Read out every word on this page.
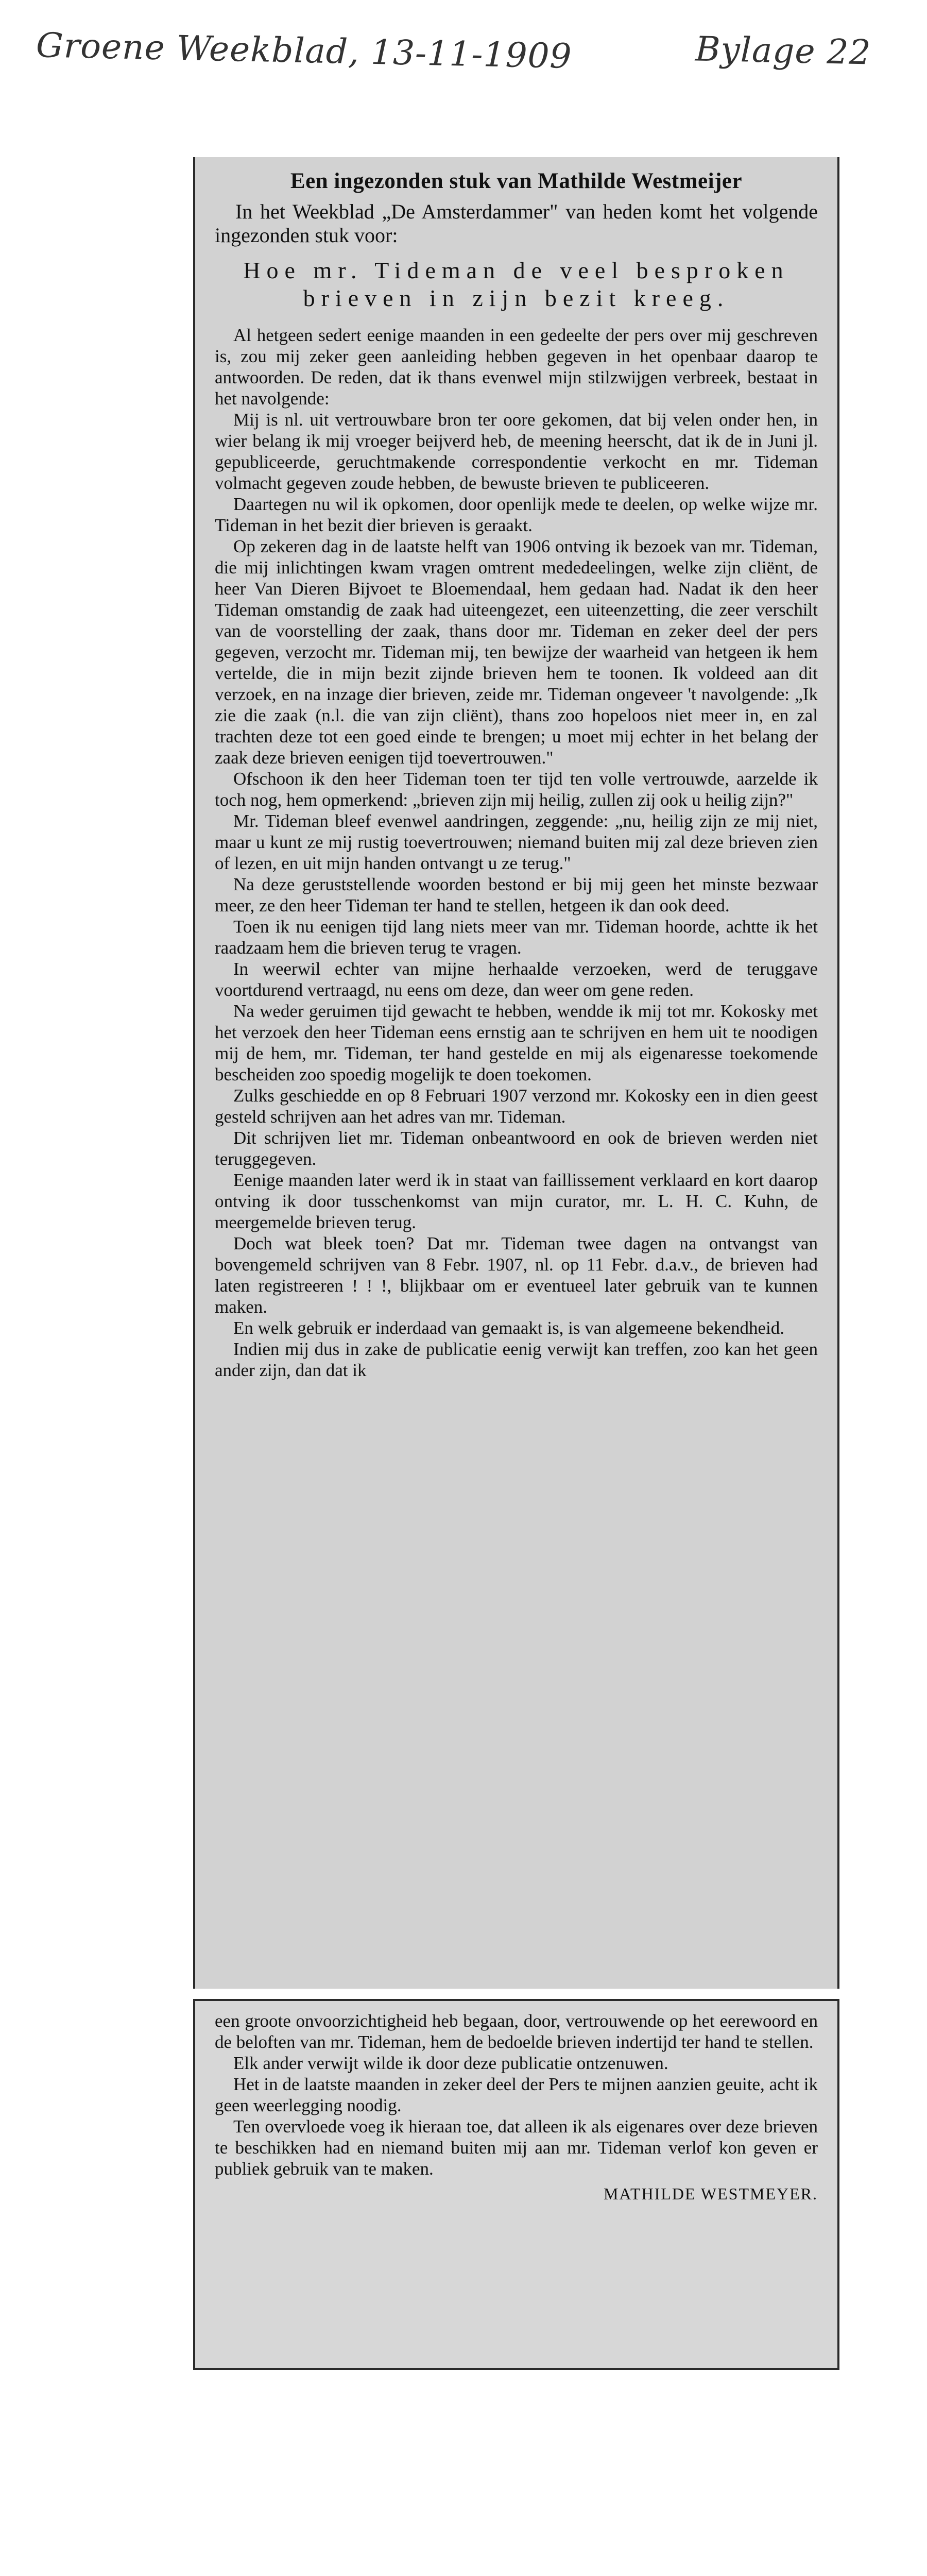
Groene Weekblad, 13-11-1909	Bylage 22
Een ingezonden stuk van Mathilde Westmeijer
In het Weekblad „De Amsterdammer" van heden komt het volgende ingezonden stuk voor:
Hoe mr. Tideman de veel besproken brieven in zijn bezit kreeg.

Al hetgeen sedert eenige maanden in een gedeelte der pers over mij geschreven is, zou mij zeker geen aanleiding hebben gegeven in het openbaar daarop te antwoorden. De reden, dat ik thans evenwel mijn stilzwijgen verbreek, bestaat in het navolgende:

Mij is nl. uit vertrouwbare bron ter oore gekomen, dat bij velen onder hen, in wier belang ik mij vroeger beijverd heb, de meening heerscht, dat ik de in Juni jl. gepubliceerde, geruchtmakende correspondentie verkocht en mr. Tideman volmacht gegeven zoude hebben, de bewuste brieven te publiceeren.

Daartegen nu wil ik opkomen, door openlijk mede te deelen, op welke wijze mr. Tideman in het bezit dier brieven is geraakt.

Op zekeren dag in de laatste helft van 1906 ontving ik bezoek van mr. Tideman, die mij inlichtingen kwam vragen omtrent mededeelingen, welke zijn cliënt, de heer Van Dieren Bijvoet te Bloemendaal, hem gedaan had. Nadat ik den heer Tideman omstandig de zaak had uiteengezet, een uiteenzetting, die zeer verschilt van de voorstelling der zaak, thans door mr. Tideman en zeker deel der pers gegeven, verzocht mr. Tideman mij, ten bewijze der waarheid van hetgeen ik hem vertelde, die in mijn bezit zijnde brieven hem te toonen. Ik voldeed aan dit verzoek, en na inzage dier brieven, zeide mr. Tideman ongeveer 't navolgende: „Ik zie die zaak (n.l. die van zijn cliënt), thans zoo hopeloos niet meer in, en zal trachten deze tot een goed einde te brengen; u moet mij echter in het belang der zaak deze brieven eenigen tijd toevertrouwen."

Ofschoon ik den heer Tideman toen ter tijd ten volle vertrouwde, aarzelde ik toch nog, hem opmerkend: „brieven zijn mij heilig, zullen zij ook u heilig zijn?"

Mr. Tideman bleef evenwel aandringen, zeggende: „nu, heilig zijn ze mij niet, maar u kunt ze mij rustig toevertrouwen; niemand buiten mij zal deze brieven zien of lezen, en uit mijn handen ontvangt u ze terug."

Na deze geruststellende woorden bestond er bij mij geen het minste bezwaar meer, ze den heer Tideman ter hand te stellen, hetgeen ik dan ook deed.

Toen ik nu eenigen tijd lang niets meer van mr. Tideman hoorde, achtte ik het raadzaam hem die brieven terug te vragen.

In weerwil echter van mijne herhaalde verzoeken, werd de teruggave voortdurend vertraagd, nu eens om deze, dan weer om gene reden.

Na weder geruimen tijd gewacht te hebben, wendde ik mij tot mr. Kokosky met het verzoek den heer Tideman eens ernstig aan te schrijven en hem uit te noodigen mij de hem, mr. Tideman, ter hand gestelde en mij als eigenaresse toekomende bescheiden zoo spoedig mogelijk te doen toekomen.

Zulks geschiedde en op 8 Februari 1907 verzond mr. Kokosky een in dien geest gesteld schrijven aan het adres van mr. Tideman.

Dit schrijven liet mr. Tideman onbeantwoord en ook de brieven werden niet teruggegeven.

Eenige maanden later werd ik in staat van faillissement verklaard en kort daarop ontving ik door tusschenkomst van mijn curator, mr. L. H. C. Kuhn, de meergemelde brieven terug.

Doch wat bleek toen? Dat mr. Tideman twee dagen na ontvangst van bovengemeld schrijven van 8 Febr. 1907, nl. op 11 Febr. d.a.v., de brieven had laten registreeren ! ! !, blijkbaar om er eventueel later gebruik van te kunnen maken.

En welk gebruik er inderdaad van gemaakt is, is van algemeene bekendheid.

Indien mij dus in zake de publicatie eenig verwijt kan treffen, zoo kan het geen ander zijn, dan dat ik

een groote onvoorzichtigheid heb begaan, door, vertrouwende op het eerewoord en de beloften van mr. Tideman, hem de bedoelde brieven indertijd ter hand te stellen.

Elk ander verwijt wilde ik door deze publicatie ontzenuwen.

Het in de laatste maanden in zeker deel der Pers te mijnen aanzien geuite, acht ik geen weerlegging noodig.

Ten overvloede voeg ik hieraan toe, dat alleen ik als eigenares over deze brieven te beschikken had en niemand buiten mij aan mr. Tideman verlof kon geven er publiek gebruik van te maken.

MATHILDE WESTMEYER.
